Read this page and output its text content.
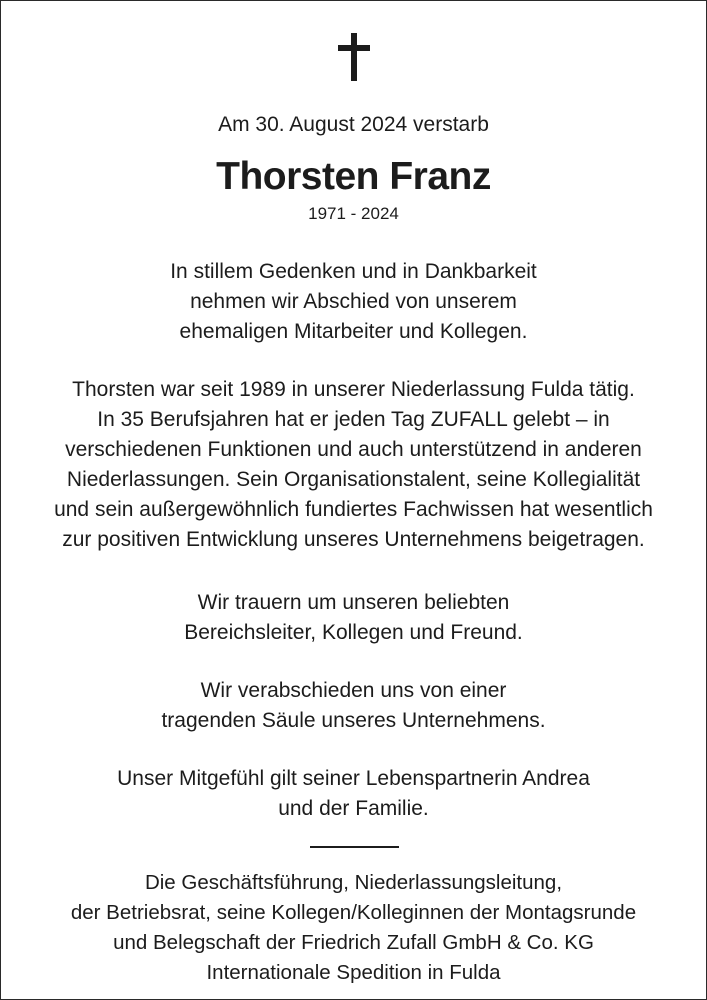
Am 30. August 2024 verstarb
Thorsten Franz
1971 - 2024
In stillem Gedenken und in Dankbarkeit
nehmen wir Abschied von unserem
ehemaligen Mitarbeiter und Kollegen.
Thorsten war seit 1989 in unserer Niederlassung Fulda tätig.
In 35 Berufsjahren hat er jeden Tag ZUFALL gelebt – in
verschiedenen Funktionen und auch unterstützend in anderen
Niederlassungen. Sein Organisationstalent, seine Kollegialität
und sein außergewöhnlich fundiertes Fachwissen hat wesentlich
zur positiven Entwicklung unseres Unternehmens beigetragen.
Wir trauern um unseren beliebten
Bereichsleiter, Kollegen und Freund.
Wir verabschieden uns von einer
tragenden Säule unseres Unternehmens.
Unser Mitgefühl gilt seiner Lebenspartnerin Andrea
und der Familie.
Die Geschäftsführung, Niederlassungsleitung,
der Betriebsrat, seine Kollegen/Kolleginnen der Montagsrunde
und Belegschaft der Friedrich Zufall GmbH & Co. KG
Internationale Spedition in Fulda
